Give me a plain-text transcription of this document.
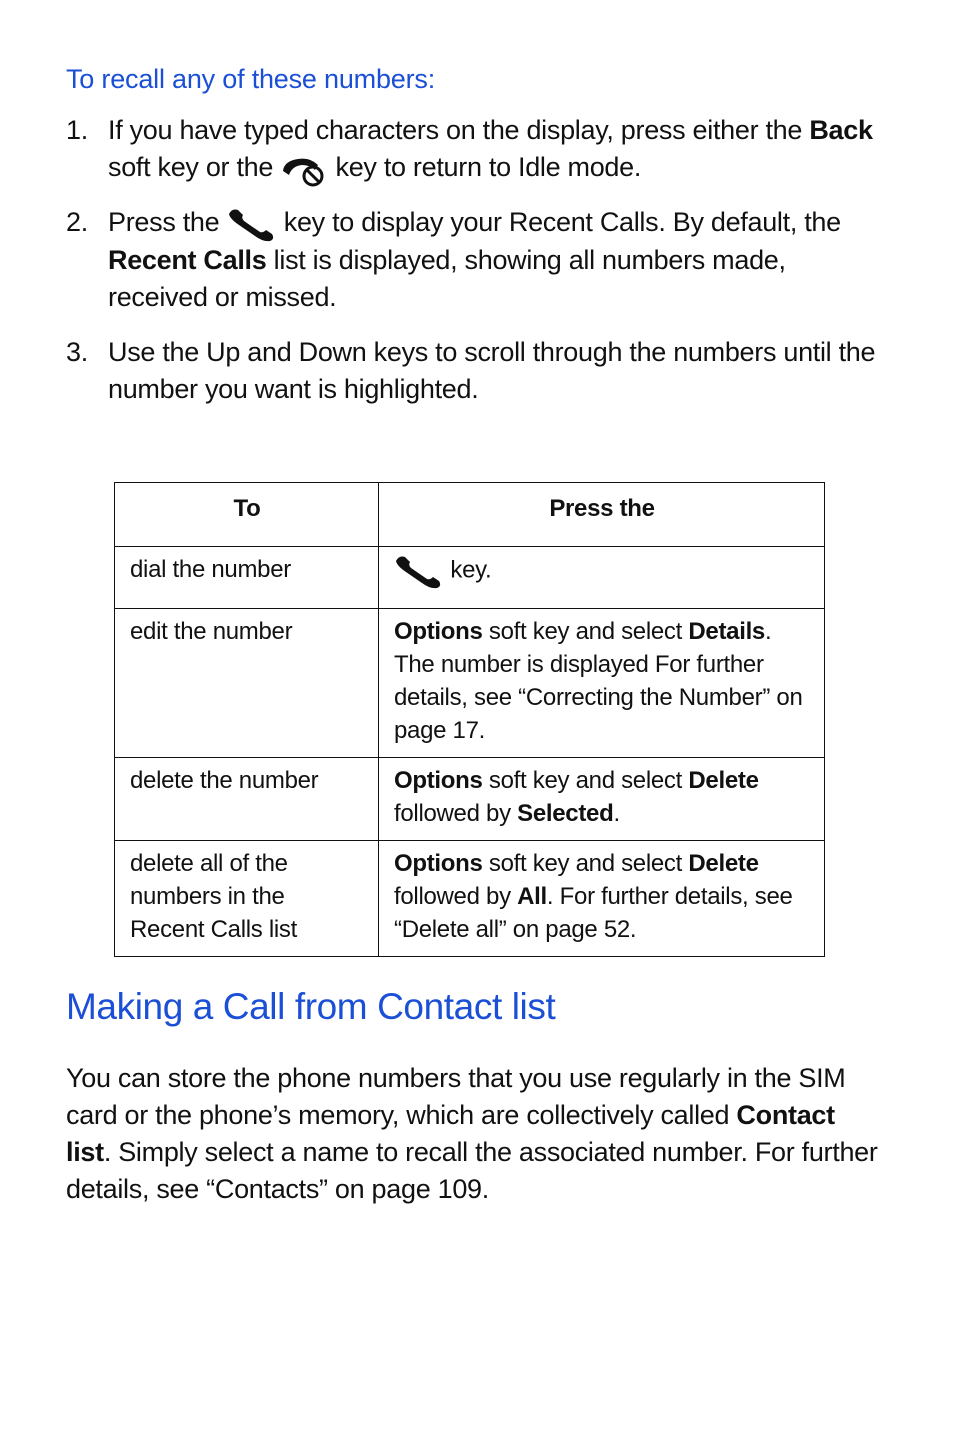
To recall any of these numbers:
1. If you have typed characters on the display, press either the Back soft key or the
key to return to Idle mode.
2. Press the
key to display your Recent Calls. By default, the Recent Calls list is displayed, showing all numbers made, received or missed.
3. Use the Up and Down keys to scroll through the numbers until the number you want is highlighted.
To	Press the
dial the number	key.
edit the number	Options soft key and select Details. The number is displayed For further details, see “Correcting the Number” on page 17.
delete the number	Options soft key and select Delete followed by Selected.
delete all of the numbers in the Recent Calls list	Options soft key and select Delete followed by All. For further details, see “Delete all” on page 52.
Making a Call from Contact list

You can store the phone numbers that you use regularly in the SIM card or the phone’s memory, which are collectively called Contact list. Simply select a name to recall the associated number. For further details, see “Contacts” on page 109.
